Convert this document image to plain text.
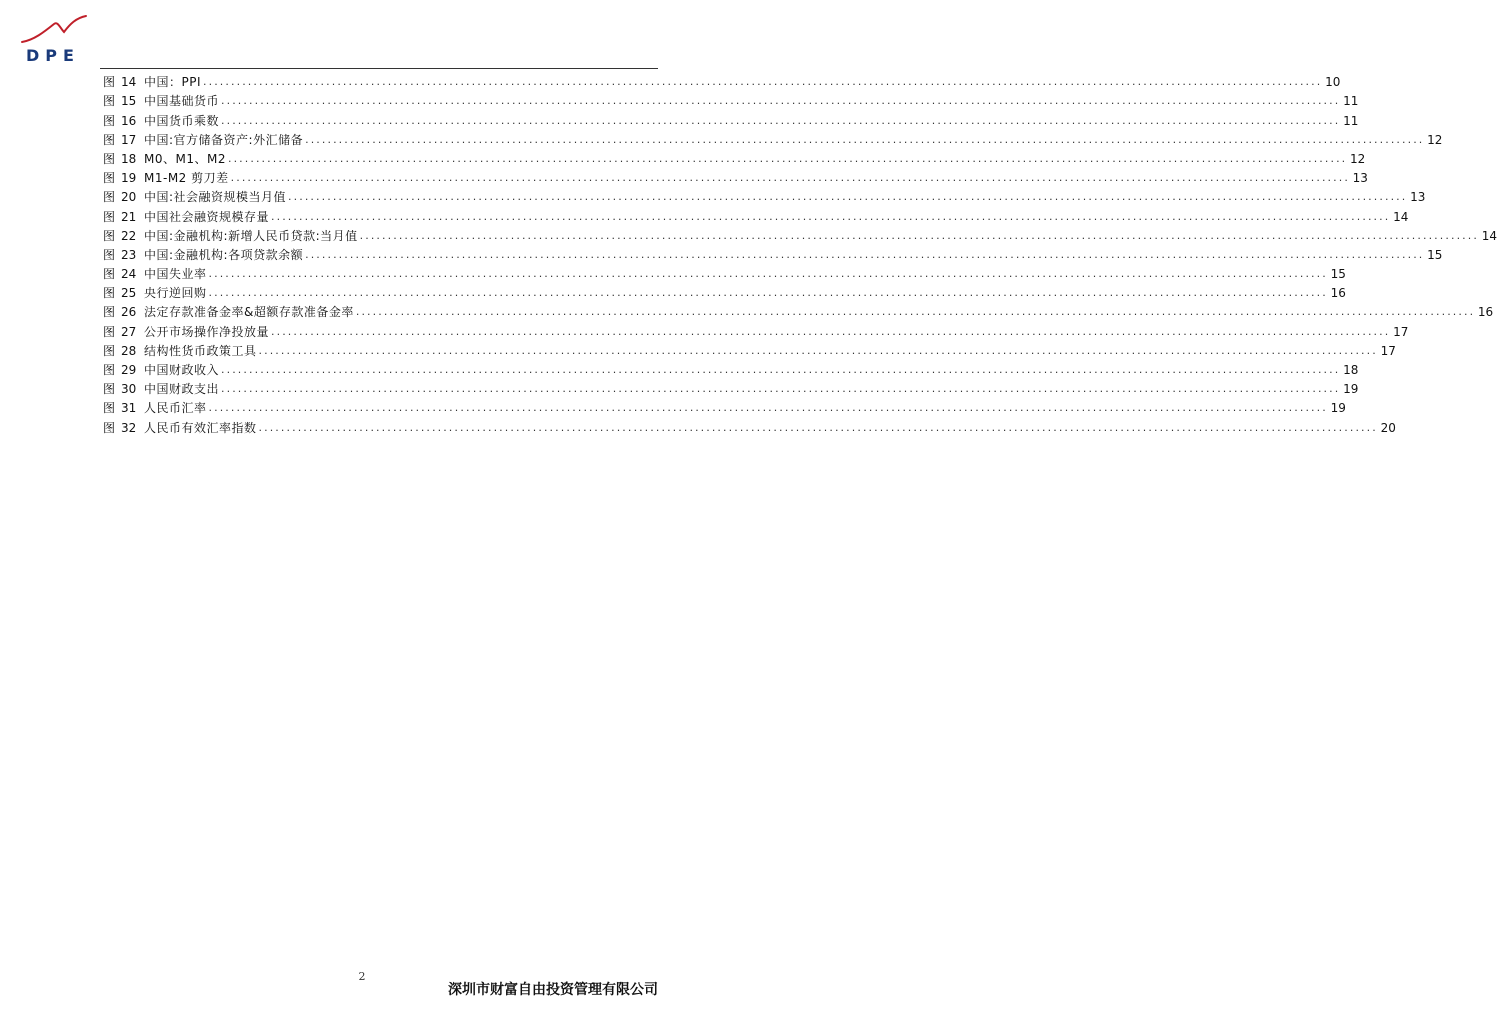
DPE
图 14 中国：PPI ........................................................................................................................................................................................................ 10
图 15 中国基础货币 ........................................................................................................................................................................................................ 11
图 16 中国货币乘数 ........................................................................................................................................................................................................ 11
图 17 中国:官方储备资产:外汇储备 ........................................................................................................................................................................................................ 12
图 18 M0、M1、M2 ........................................................................................................................................................................................................ 12
图 19 M1-M2 剪刀差 ........................................................................................................................................................................................................ 13
图 20 中国:社会融资规模当月值 ........................................................................................................................................................................................................ 13
图 21 中国社会融资规模存量 ........................................................................................................................................................................................................ 14
图 22 中国:金融机构:新增人民币贷款:当月值 ........................................................................................................................................................................................................ 14
图 23 中国:金融机构:各项贷款余额 ........................................................................................................................................................................................................ 15
图 24 中国失业率 ........................................................................................................................................................................................................ 15
图 25 央行逆回购 ........................................................................................................................................................................................................ 16
图 26 法定存款准备金率&超额存款准备金率 ........................................................................................................................................................................................................ 16
图 27 公开市场操作净投放量 ........................................................................................................................................................................................................ 17
图 28 结构性货币政策工具 ........................................................................................................................................................................................................ 17
图 29 中国财政收入 ........................................................................................................................................................................................................ 18
图 30 中国财政支出 ........................................................................................................................................................................................................ 19
图 31 人民币汇率 ........................................................................................................................................................................................................ 19
图 32 人民币有效汇率指数 ........................................................................................................................................................................................................ 20
2
深圳市财富自由投资管理有限公司
